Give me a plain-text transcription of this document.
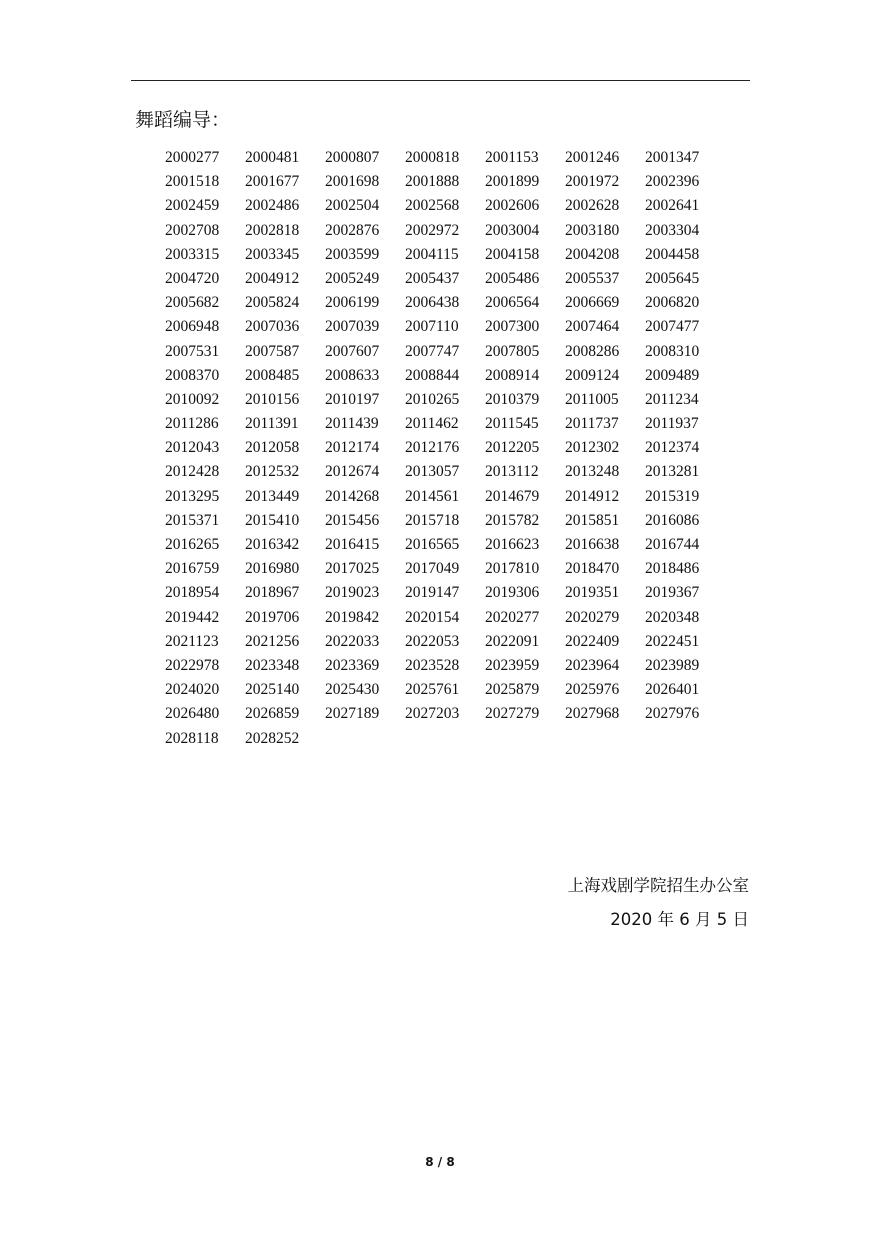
舞蹈编导：
2000277	2000481	2000807	2000818	2001153	2001246	2001347
2001518	2001677	2001698	2001888	2001899	2001972	2002396
2002459	2002486	2002504	2002568	2002606	2002628	2002641
2002708	2002818	2002876	2002972	2003004	2003180	2003304
2003315	2003345	2003599	2004115	2004158	2004208	2004458
2004720	2004912	2005249	2005437	2005486	2005537	2005645
2005682	2005824	2006199	2006438	2006564	2006669	2006820
2006948	2007036	2007039	2007110	2007300	2007464	2007477
2007531	2007587	2007607	2007747	2007805	2008286	2008310
2008370	2008485	2008633	2008844	2008914	2009124	2009489
2010092	2010156	2010197	2010265	2010379	2011005	2011234
2011286	2011391	2011439	2011462	2011545	2011737	2011937
2012043	2012058	2012174	2012176	2012205	2012302	2012374
2012428	2012532	2012674	2013057	2013112	2013248	2013281
2013295	2013449	2014268	2014561	2014679	2014912	2015319
2015371	2015410	2015456	2015718	2015782	2015851	2016086
2016265	2016342	2016415	2016565	2016623	2016638	2016744
2016759	2016980	2017025	2017049	2017810	2018470	2018486
2018954	2018967	2019023	2019147	2019306	2019351	2019367
2019442	2019706	2019842	2020154	2020277	2020279	2020348
2021123	2021256	2022033	2022053	2022091	2022409	2022451
2022978	2023348	2023369	2023528	2023959	2023964	2023989
2024020	2025140	2025430	2025761	2025879	2025976	2026401
2026480	2026859	2027189	2027203	2027279	2027968	2027976
2028118	2028252
上海戏剧学院招生办公室
2020 年 6 月 5 日
8 / 8
